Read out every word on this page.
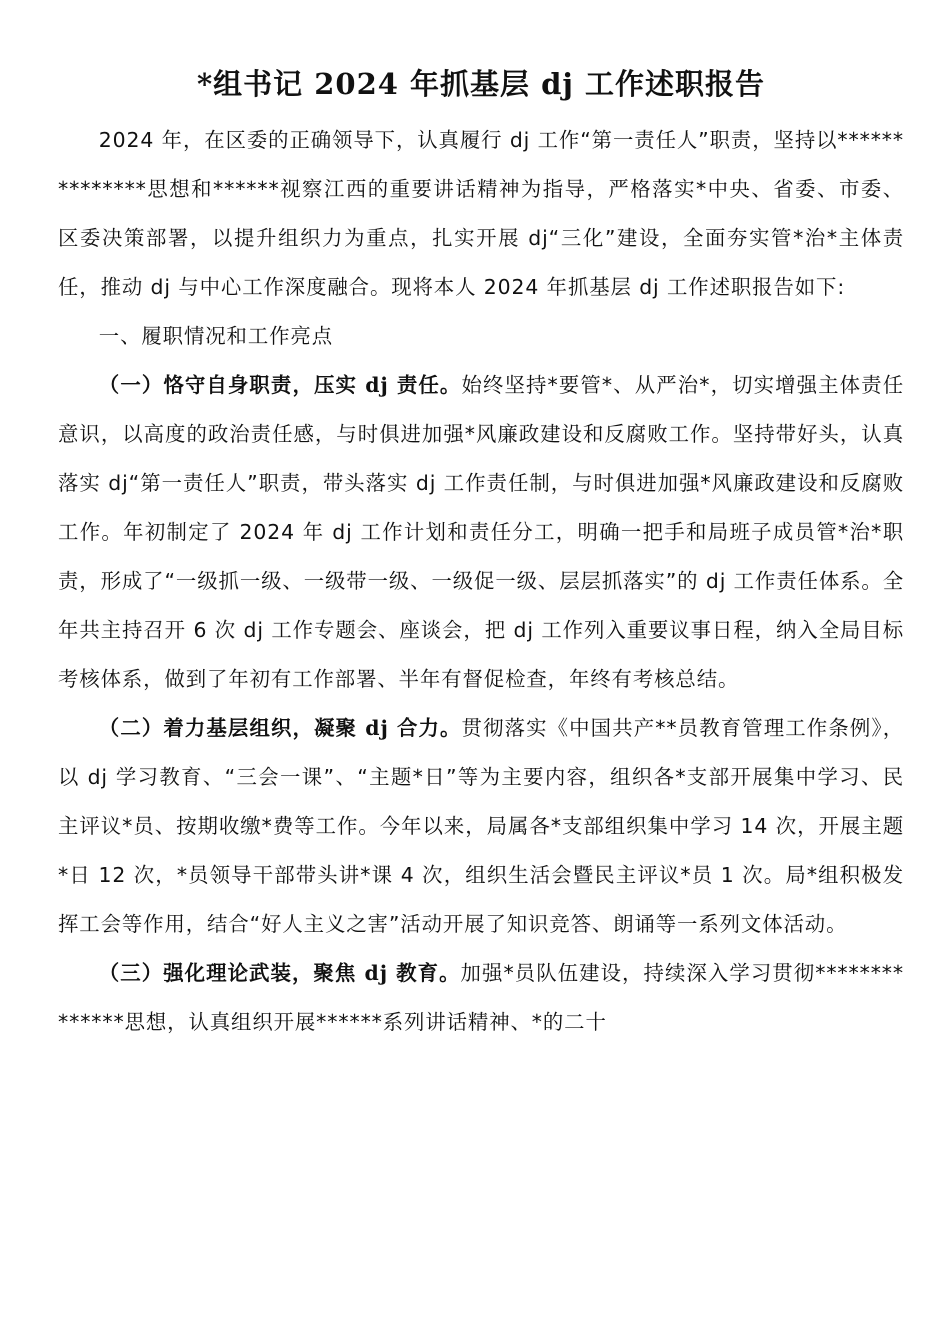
*组书记 2024 年抓基层 dj 工作述职报告

2024 年，在区委的正确领导下，认真履行 dj 工作“第一责任人”职责，坚持以**************思想和******视察江西的重要讲话精神为指导，严格落实*中央、省委、市委、区委决策部署，以提升组织力为重点，扎实开展 dj“三化”建设，全面夯实管*治*主体责任，推动 dj 与中心工作深度融合。现将本人 2024 年抓基层 dj 工作述职报告如下:

一、履职情况和工作亮点

（一）恪守自身职责，压实 dj 责任。始终坚持*要管*、从严治*，切实增强主体责任意识，以高度的政治责任感，与时俱进加强*风廉政建设和反腐败工作。坚持带好头，认真落实 dj“第一责任人”职责，带头落实 dj 工作责任制，与时俱进加强*风廉政建设和反腐败工作。年初制定了 2024 年 dj 工作计划和责任分工，明确一把手和局班子成员管*治*职责，形成了“一级抓一级、一级带一级、一级促一级、层层抓落实”的 dj 工作责任体系。全年共主持召开 6 次 dj 工作专题会、座谈会，把 dj 工作列入重要议事日程，纳入全局目标考核体系，做到了年初有工作部署、半年有督促检查，年终有考核总结。

（二）着力基层组织，凝聚 dj 合力。贯彻落实《中国共产**员教育管理工作条例》，以 dj 学习教育、“三会一课”、“主题*日”等为主要内容，组织各*支部开展集中学习、民主评议*员、按期收缴*费等工作。今年以来，局属各*支部组织集中学习 14 次，开展主题*日 12 次，*员领导干部带头讲*课 4 次，组织生活会暨民主评议*员 1 次。局*组积极发挥工会等作用，结合“好人主义之害”活动开展了知识竞答、朗诵等一系列文体活动。

（三）强化理论武装，聚焦 dj 教育。加强*员队伍建设，持续深入学习贯彻**************思想，认真组织开展******系列讲话精神、*的二十
